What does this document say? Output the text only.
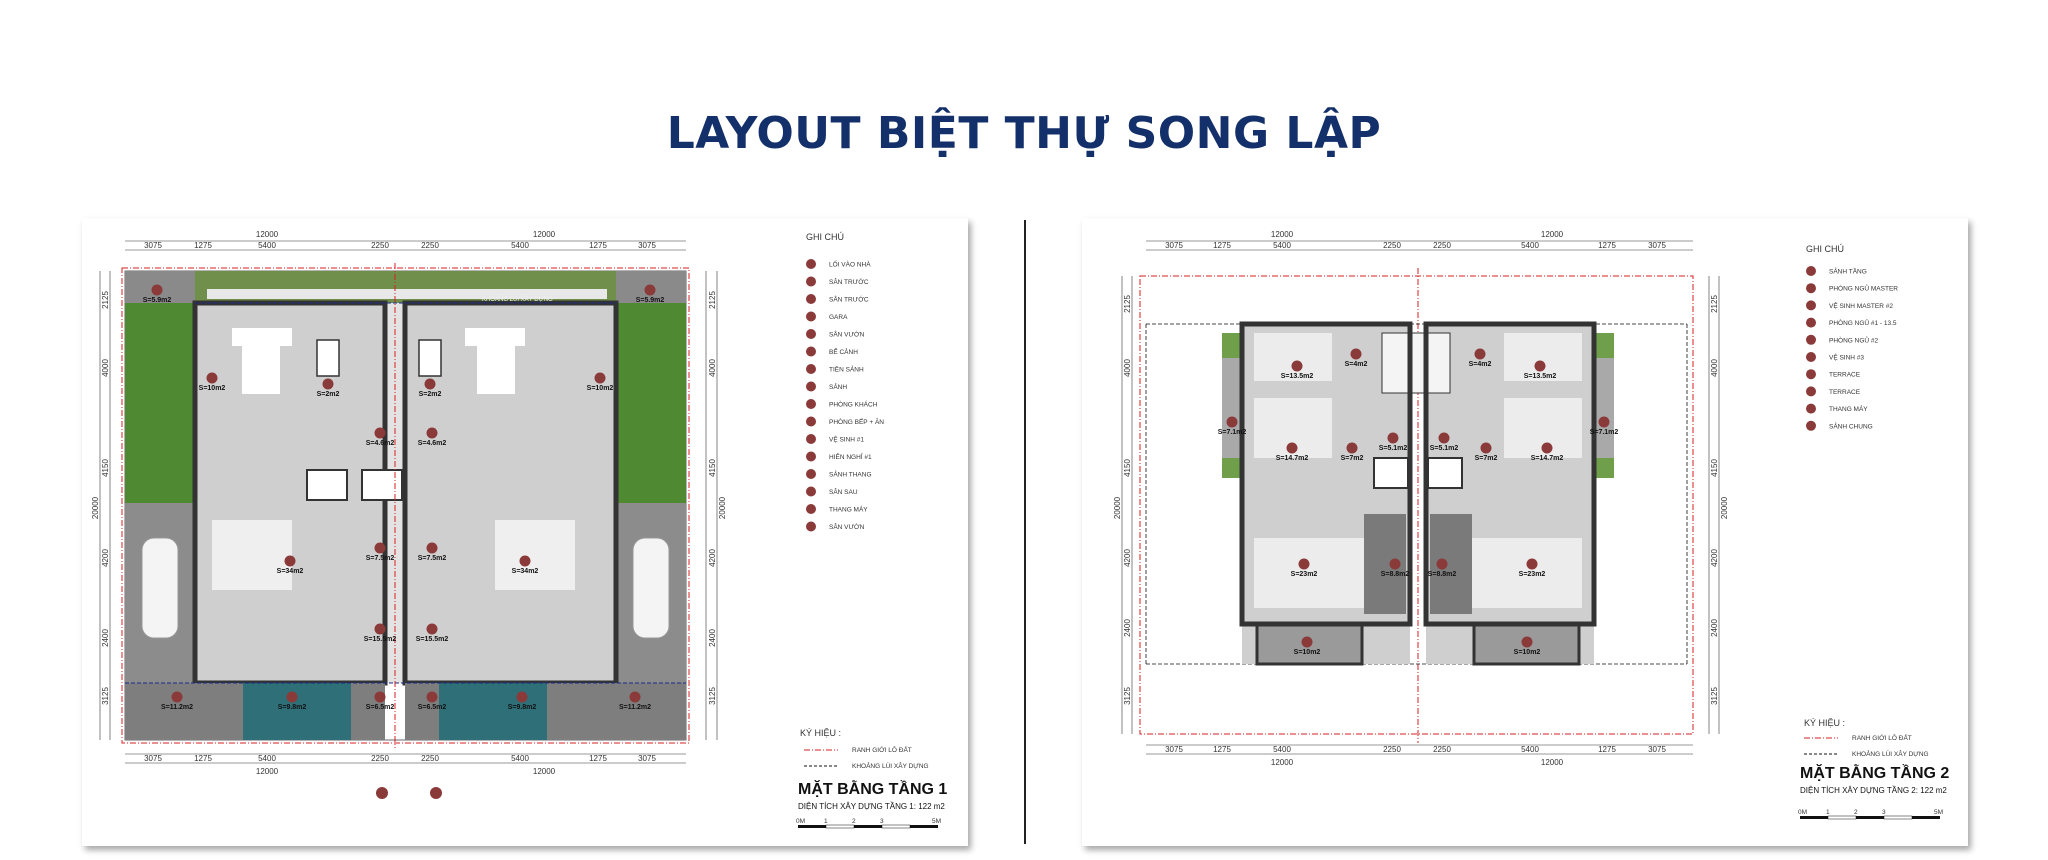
LAYOUT BIỆT THỰ SONG LẬP
12000	12000
3075	1275	5400	2250	2250	5400	1275	3075
3075	1275	5400	2250	2250	5400	1275	3075
12000	12000
2125
4000
4150
4200
2400
3125
20000
2125
4000
4150
4200
2400
3125
20000
KHOẢNG LÙI XÂY DỰNG
S=5.9m2	S=5.9m2
S=10m2
S=2m2	S=2m2
S=10m2
S=4.6m2	S=4.6m2
S=7.5m2	S=7.5m2
S=34m2	S=34m2
S=15.5m2	S=15.5m2
S=11.2m2	S=9.8m2	S=6.5m2	S=6.5m2	S=9.8m2	S=11.2m2
GHI CHÚ
LỐI VÀO NHÀ
SÂN TRƯỚC
SÂN TRƯỚC
GARA
SÂN VƯỜN
BỂ CẢNH
TIỀN SẢNH
SẢNH
PHÒNG KHÁCH
PHÒNG BẾP + ĂN
VỆ SINH #1
HIÊN NGHỈ #1
SẢNH THANG
SÂN SAU
THANG MÁY
SÂN VƯỜN
KÝ HIỆU :
RANH GIỚI LÔ ĐẤT
KHOẢNG LÙI XÂY DỰNG
MẶT BẰNG TẦNG 1
DIỆN TÍCH XÂY DỰNG TẦNG 1: 122 m2
0M	1	2	3	5M
12000	12000
3075	1275	5400	2250	2250	5400	1275	3075
3075	1275	5400	2250	2250	5400	1275	3075
12000	12000
2125
4000
4150
4200
2400
3125
20000
2125
4000
4150
4200
2400
3125
20000
S=13.5m2
S=4m2	S=4m2
S=13.5m2
S=7.1m2	S=7.1m2
S=14.7m2	S=7m2
S=5.1m2	S=5.1m2
S=7m2	S=14.7m2
S=23m2	S=8.8m2	S=8.8m2	S=23m2
S=10m2	S=10m2
GHI CHÚ
SẢNH TẦNG
PHÒNG NGỦ MASTER
VỆ SINH MASTER #2
PHÒNG NGỦ #1 - 13.5
PHÒNG NGỦ #2
VỆ SINH #3
TERRACE
TERRACE
THANG MÁY
SẢNH CHUNG
KÝ HIỆU :
RANH GIỚI LÔ ĐẤT
KHOẢNG LÙI XÂY DỰNG
MẶT BẰNG TẦNG 2
DIỆN TÍCH XÂY DỰNG TẦNG 2: 122 m2
0M	1	2	3	5M
